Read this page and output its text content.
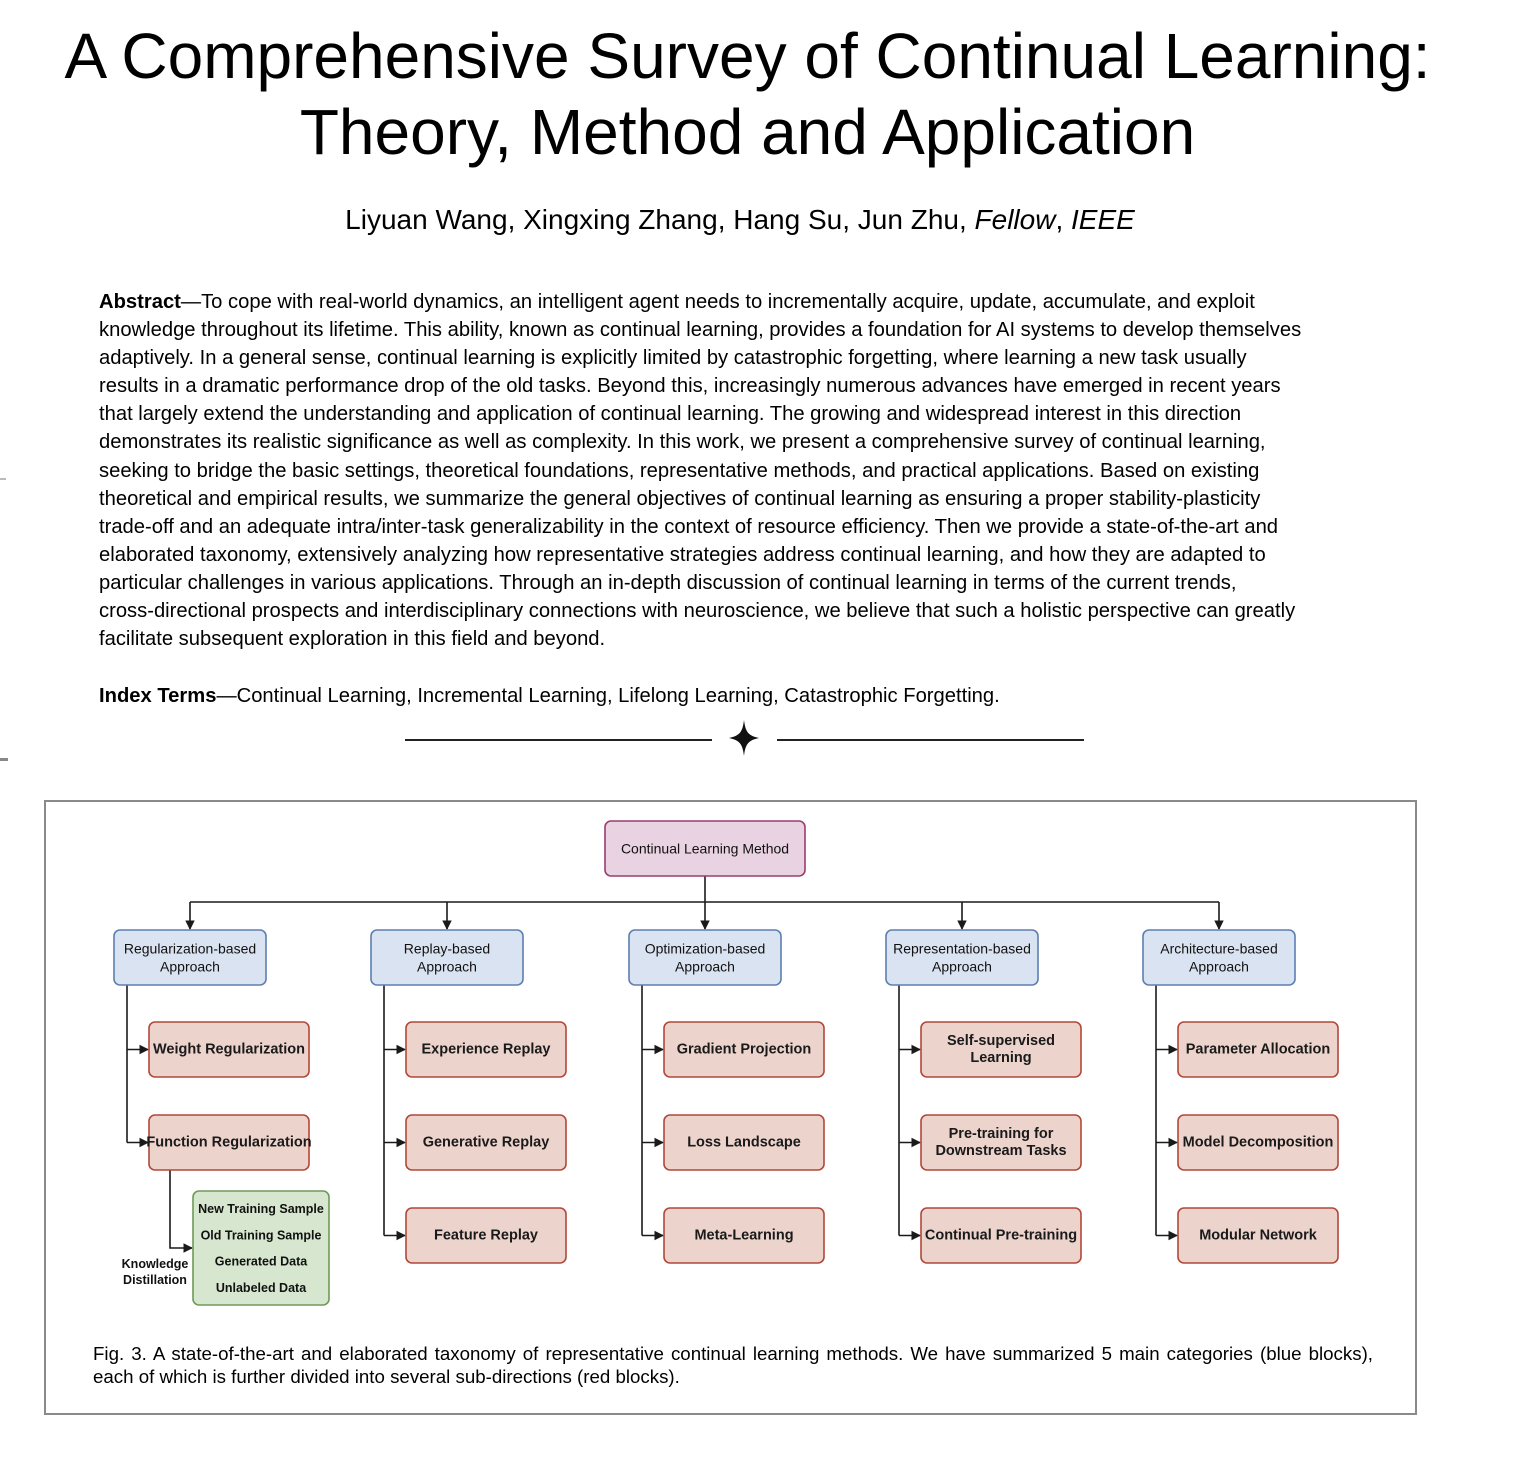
A Comprehensive Survey of Continual Learning:
Theory, Method and Application
Liyuan Wang, Xingxing Zhang, Hang Su, Jun Zhu, Fellow, IEEE

Abstract—To cope with real-world dynamics, an intelligent agent needs to incrementally acquire, update, accumulate, and exploit
knowledge throughout its lifetime. This ability, known as continual learning, provides a foundation for AI systems to develop themselves
adaptively. In a general sense, continual learning is explicitly limited by catastrophic forgetting, where learning a new task usually
results in a dramatic performance drop of the old tasks. Beyond this, increasingly numerous advances have emerged in recent years
that largely extend the understanding and application of continual learning. The growing and widespread interest in this direction
demonstrates its realistic significance as well as complexity. In this work, we present a comprehensive survey of continual learning,
seeking to bridge the basic settings, theoretical foundations, representative methods, and practical applications. Based on existing
theoretical and empirical results, we summarize the general objectives of continual learning as ensuring a proper stability-plasticity
trade-off and an adequate intra/inter-task generalizability in the context of resource efficiency. Then we provide a state-of-the-art and
elaborated taxonomy, extensively analyzing how representative strategies address continual learning, and how they are adapted to
particular challenges in various applications. Through an in-depth discussion of continual learning in terms of the current trends,
cross-directional prospects and interdisciplinary connections with neuroscience, we believe that such a holistic perspective can greatly
facilitate subsequent exploration in this field and beyond.

Index Terms—Continual Learning, Incremental Learning, Lifelong Learning, Catastrophic Forgetting.

Continual Learning Method
Regularization-based
Approach
Weight Regularization
Function Regularization
New Training Sample
Old Training Sample
Generated Data
Unlabeled Data
Knowledge
Distillation
Replay-based
Approach
Experience Replay
Generative Replay
Feature Replay
Optimization-based
Approach
Gradient Projection
Loss Landscape
Meta-Learning
Representation-based
Approach
Self-supervised
Learning
Pre-training for
Downstream Tasks
Continual Pre-training
Architecture-based
Approach
Parameter Allocation
Model Decomposition
Modular Network

Fig. 3. A state-of-the-art and elaborated taxonomy of representative continual learning methods. We have summarized 5 main categories (blue blocks), each of which is further divided into several sub-directions (red blocks).
